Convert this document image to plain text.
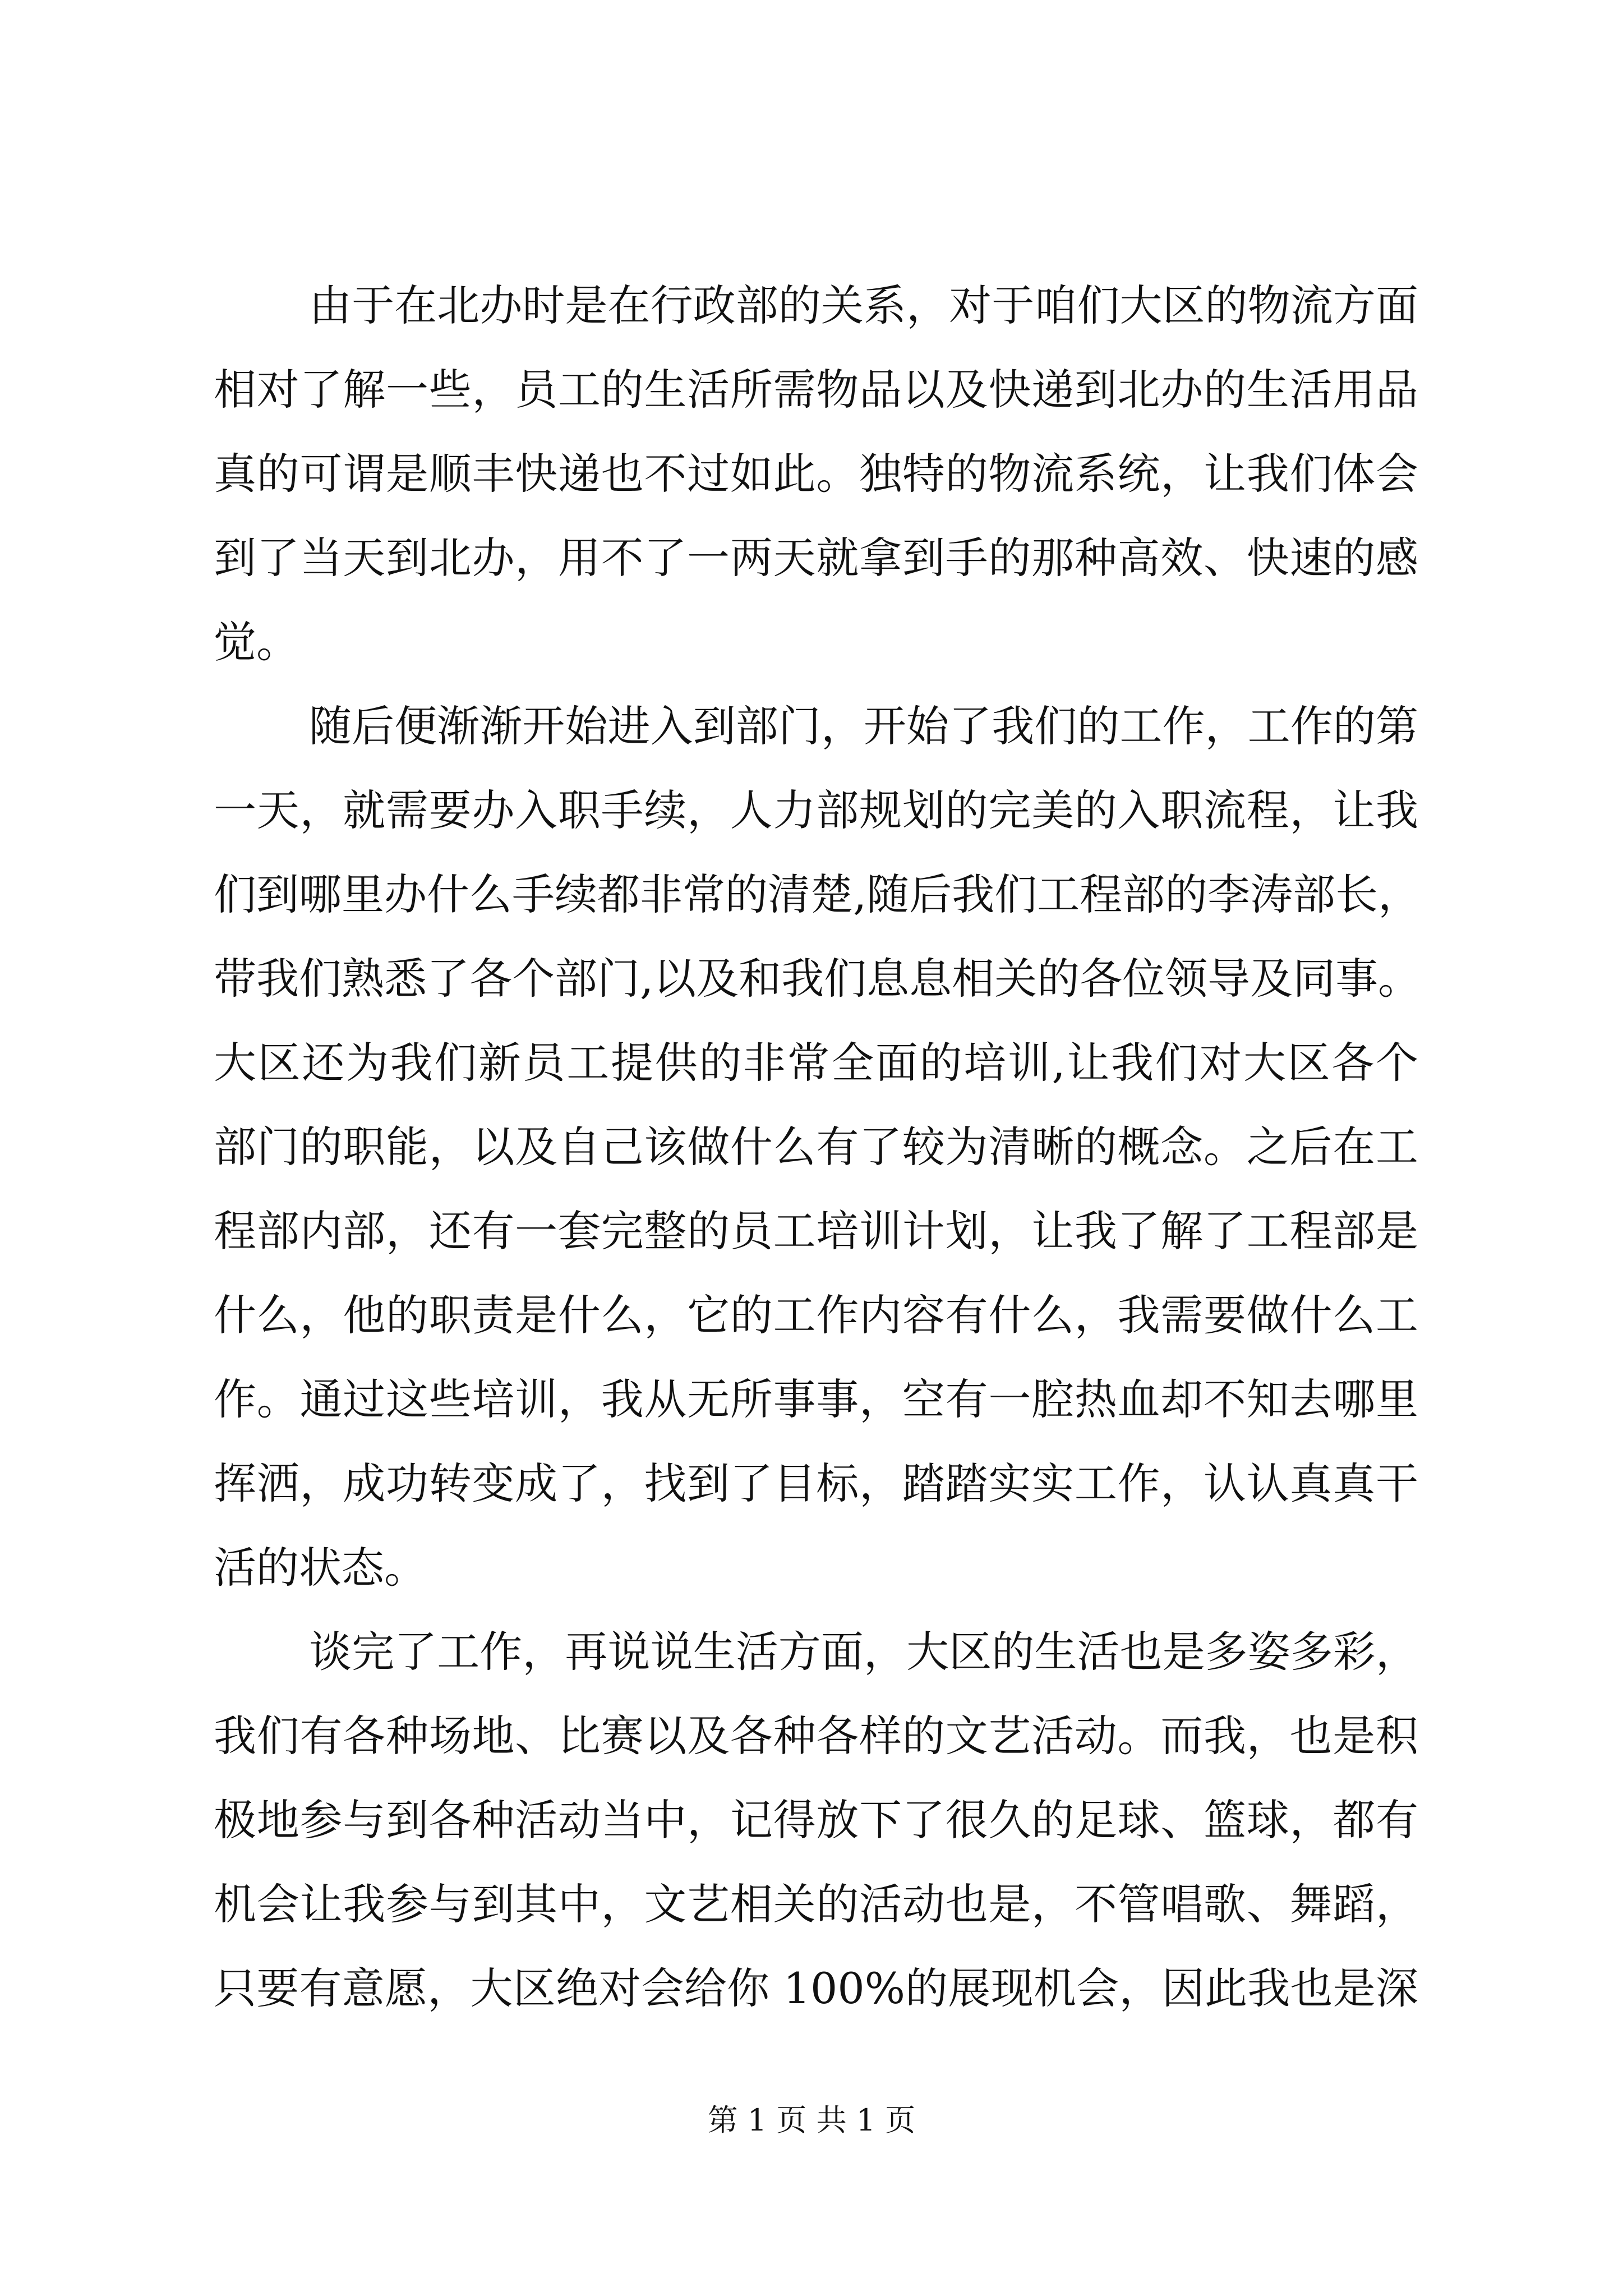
由于在北办时是在行政部的关系，对于咱们大区的物流方面
相对了解一些，员工的生活所需物品以及快递到北办的生活用品
真的可谓是顺丰快递也不过如此。独特的物流系统，让我们体会
到了当天到北办，用不了一两天就拿到手的那种高效、快速的感
觉。
随后便渐渐开始进入到部门，开始了我们的工作，工作的第
一天，就需要办入职手续，人力部规划的完美的入职流程，让我
们到哪里办什么手续都非常的清楚,随后我们工程部的李涛部长，
带我们熟悉了各个部门,以及和我们息息相关的各位领导及同事。
大区还为我们新员工提供的非常全面的培训,让我们对大区各个
部门的职能，以及自己该做什么有了较为清晰的概念。之后在工
程部内部，还有一套完整的员工培训计划，让我了解了工程部是
什么，他的职责是什么，它的工作内容有什么，我需要做什么工
作。通过这些培训，我从无所事事，空有一腔热血却不知去哪里
挥洒，成功转变成了，找到了目标，踏踏实实工作，认认真真干
活的状态。
谈完了工作，再说说生活方面，大区的生活也是多姿多彩，
我们有各种场地、比赛以及各种各样的文艺活动。而我，也是积
极地参与到各种活动当中，记得放下了很久的足球、篮球，都有
机会让我参与到其中，文艺相关的活动也是，不管唱歌、舞蹈，
只要有意愿，大区绝对会给你 100%的展现机会，因此我也是深
第 1 页 共 1 页
